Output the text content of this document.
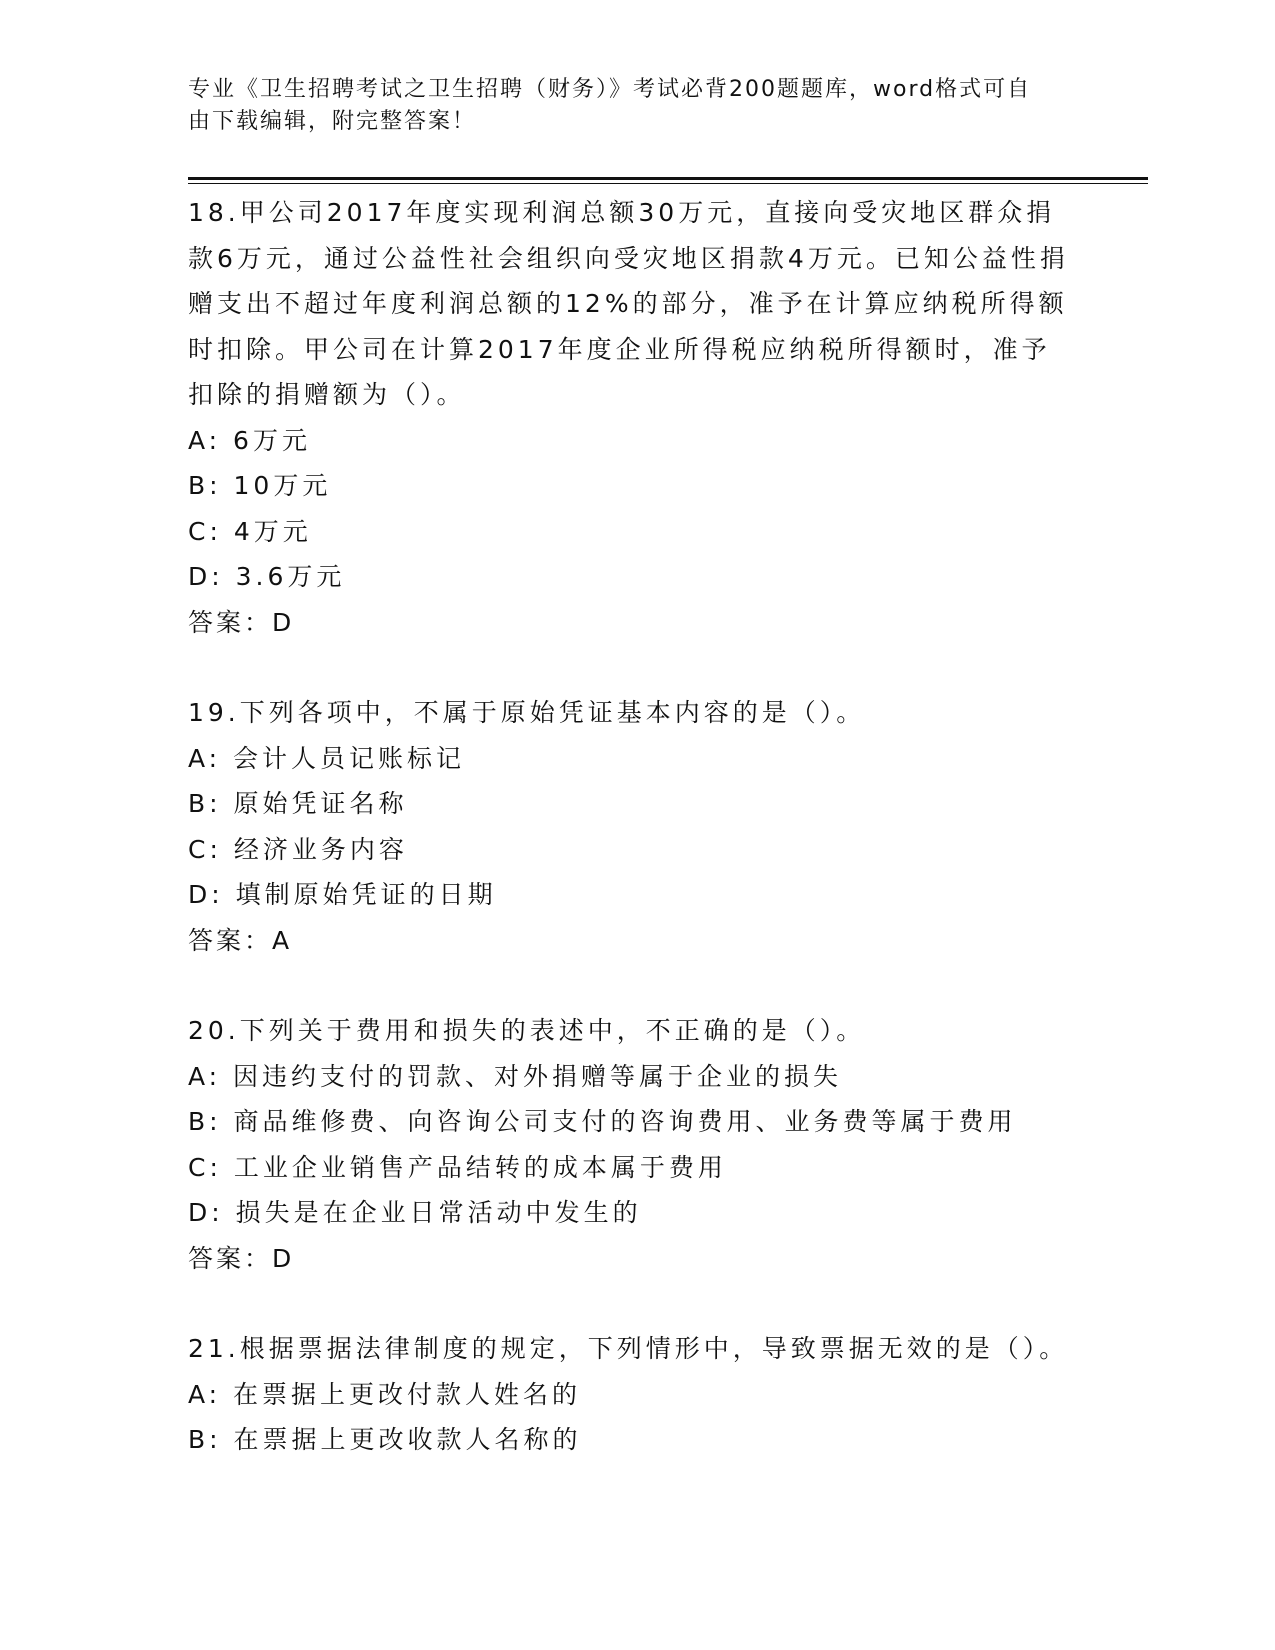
专业《卫生招聘考试之卫生招聘（财务）》考试必背200题题库，word格式可自
由下载编辑，附完整答案！
18.甲公司2017年度实现利润总额30万元，直接向受灾地区群众捐款6万元，通过公益性社会组织向受灾地区捐款4万元。已知公益性捐赠支出不超过年度利润总额的12%的部分，准予在计算应纳税所得额时扣除。甲公司在计算2017年度企业所得税应纳税所得额时，准予扣除的捐赠额为（）。
A: 6万元
B: 10万元
C: 4万元
D: 3.6万元
答案：D
19.下列各项中，不属于原始凭证基本内容的是（）。
A: 会计人员记账标记
B: 原始凭证名称
C: 经济业务内容
D: 填制原始凭证的日期
答案：A
20.下列关于费用和损失的表述中，不正确的是（）。
A: 因违约支付的罚款、对外捐赠等属于企业的损失
B: 商品维修费、向咨询公司支付的咨询费用、业务费等属于费用
C: 工业企业销售产品结转的成本属于费用
D: 损失是在企业日常活动中发生的
答案：D
21.根据票据法律制度的规定，下列情形中，导致票据无效的是（）。
A: 在票据上更改付款人姓名的
B: 在票据上更改收款人名称的
